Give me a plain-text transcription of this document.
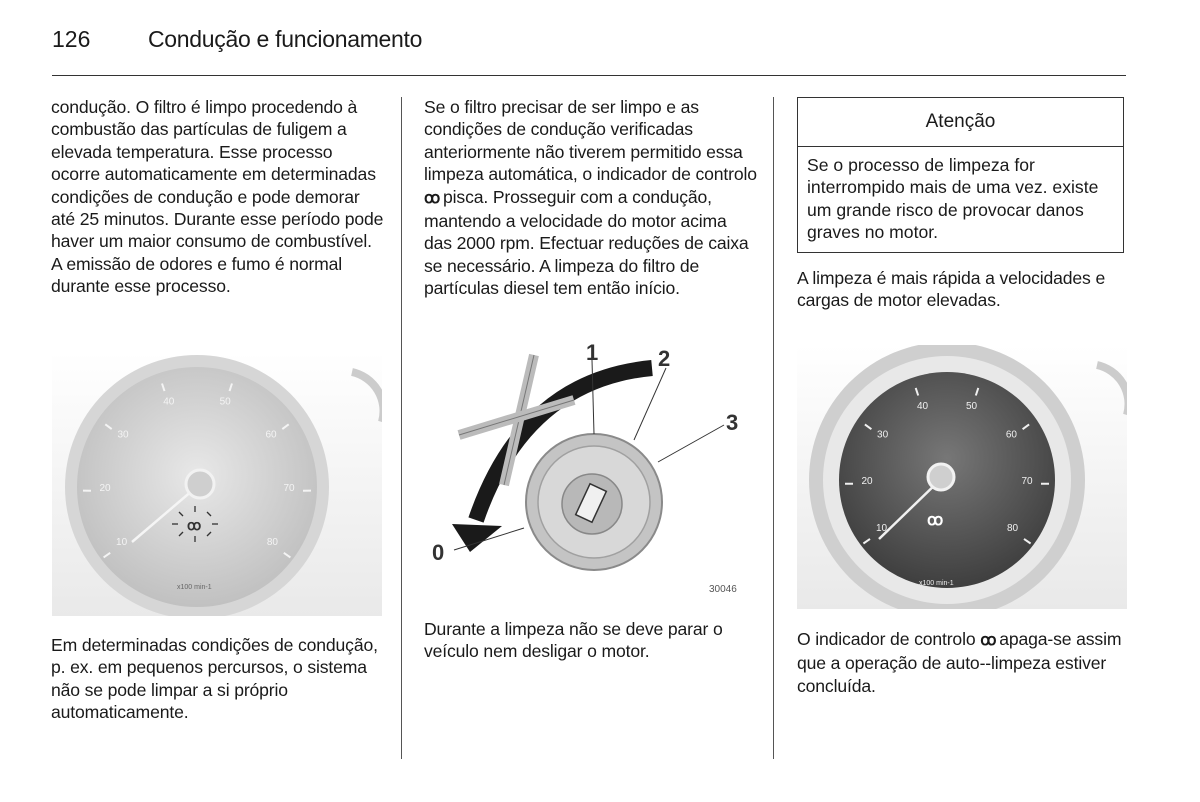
126	Condução e funcionamento

condução. O filtro é limpo procedendo à combustão das partículas de fuligem a elevada temperatura. Esse processo ocorre automaticamente em determinadas condições de condução e pode demorar até 25 minutos. Durante esse período pode haver um maior consumo de combustível. A emissão de odores e fumo é normal durante esse processo.

10
20
30
40	50
60
70
80
ꝏ
x100 min-1

Em determinadas condições de condução, p. ex. em pequenos percursos, o sistema não se pode limpar a si próprio automaticamente.

Se o filtro precisar de ser limpo e as condições de condução verificadas anteriormente não tiverem permitido essa limpeza automática, o indicador de controlo ꝏ pisca. Prosseguir com a condução, mantendo a velocidade do motor acima das 2000 rpm. Efectuar reduções de caixa se necessário. A limpeza do filtro de partículas diesel tem então início.

1	2
3
0
30046

Durante a limpeza não se deve parar o veículo nem desligar o motor.

Atenção
Se o processo de limpeza for interrompido mais de uma vez. existe um grande risco de provocar danos graves no motor.

A limpeza é mais rápida a velocidades e cargas de motor elevadas.

10
20
30
40	50
60
70
80
ꝏ
x100 min-1

O indicador de controlo ꝏ apaga-se assim que a operação de auto--limpeza estiver concluída.
